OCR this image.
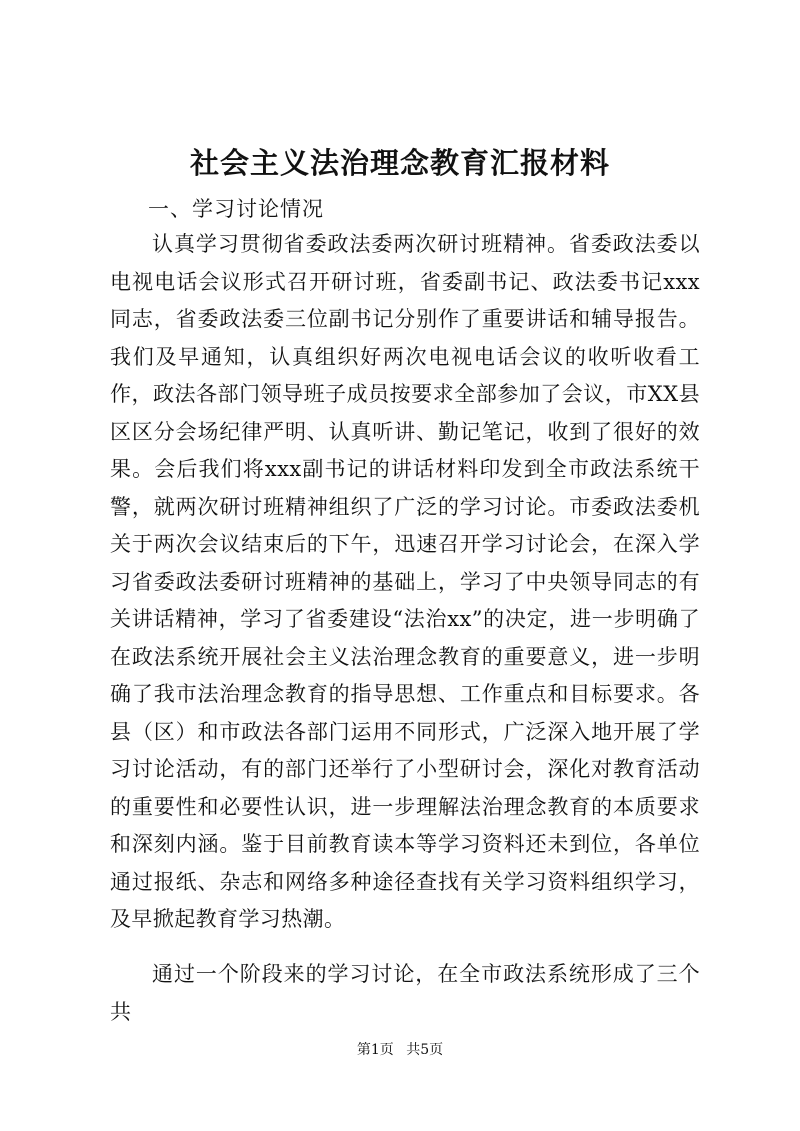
社会主义法治理念教育汇报材料

一、学习讨论情况

认真学习贯彻省委政法委两次研讨班精神。省委政法委以电视电话会议形式召开研讨班，省委副书记、政法委书记xxx同志，省委政法委三位副书记分别作了重要讲话和辅导报告。我们及早通知，认真组织好两次电视电话会议的收听收看工作，政法各部门领导班子成员按要求全部参加了会议，市XX县区区分会场纪律严明、认真听讲、勤记笔记，收到了很好的效果。会后我们将xxx副书记的讲话材料印发到全市政法系统干警，就两次研讨班精神组织了广泛的学习讨论。市委政法委机关于两次会议结束后的下午，迅速召开学习讨论会，在深入学习省委政法委研讨班精神的基础上，学习了中央领导同志的有关讲话精神，学习了省委建设“法治xx”的决定，进一步明确了在政法系统开展社会主义法治理念教育的重要意义，进一步明确了我市法治理念教育的指导思想、工作重点和目标要求。各县（区）和市政法各部门运用不同形式，广泛深入地开展了学习讨论活动，有的部门还举行了小型研讨会，深化对教育活动的重要性和必要性认识，进一步理解法治理念教育的本质要求和深刻内涵。鉴于目前教育读本等学习资料还未到位，各单位通过报纸、杂志和网络多种途径查找有关学习资料组织学习，及早掀起教育学习热潮。

通过一个阶段来的学习讨论，在全市政法系统形成了三个共

第1页 共5页
